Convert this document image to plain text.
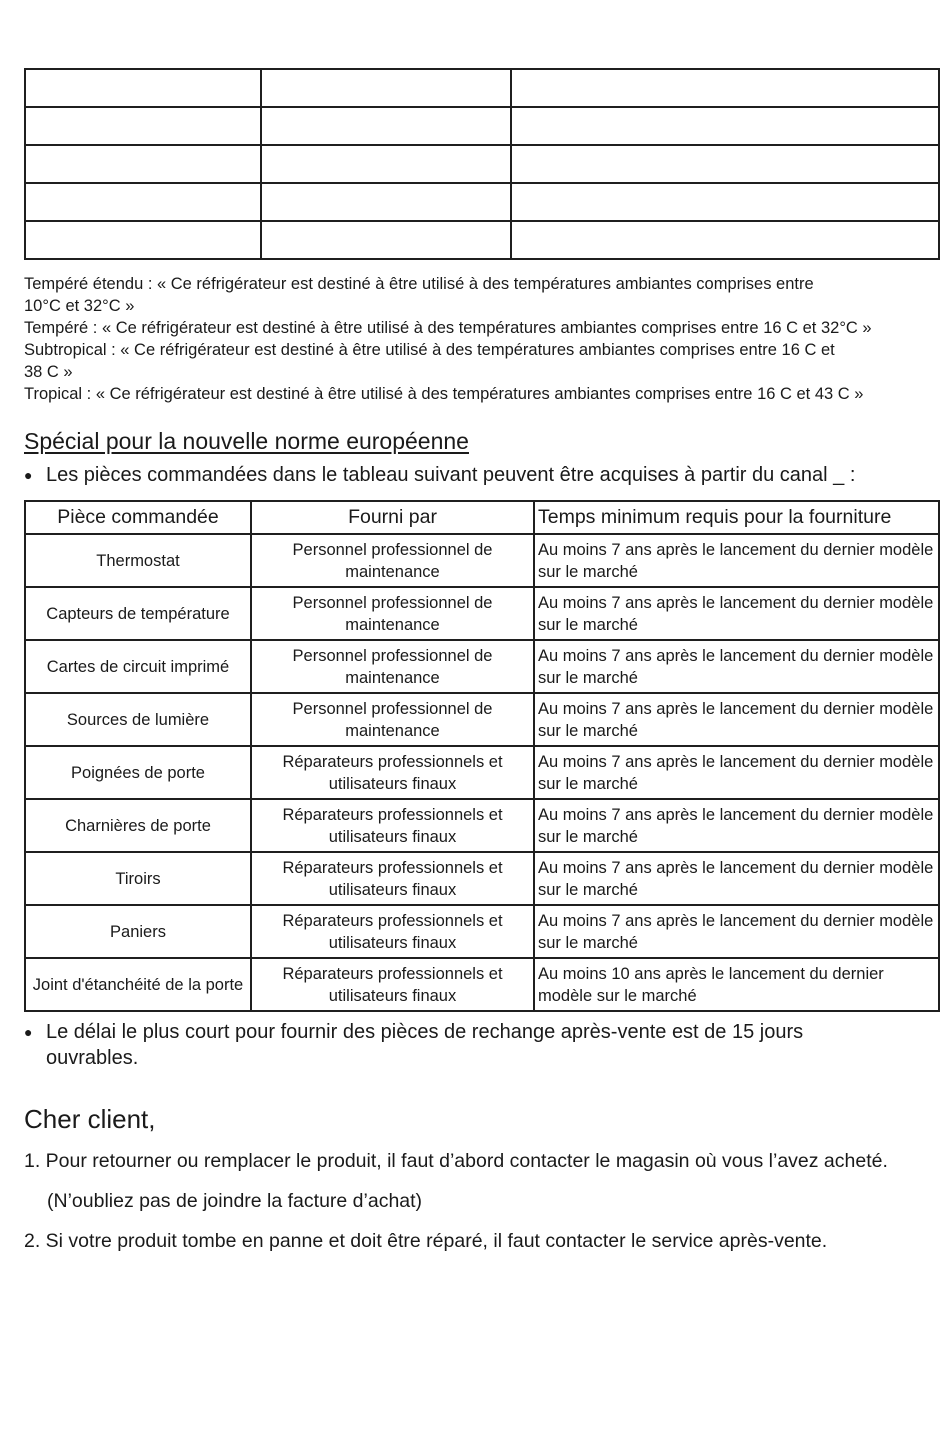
Tempéré étendu : « Ce réfrigérateur est destiné à être utilisé à des températures ambiantes comprises entre
10°C et 32°C »

Tempéré : « Ce réfrigérateur est destiné à être utilisé à des températures ambiantes comprises entre 16 C et 32°C »

Subtropical : « Ce réfrigérateur est destiné à être utilisé à des températures ambiantes comprises entre 16 C et
38 C »

Tropical : « Ce réfrigérateur est destiné à être utilisé à des températures ambiantes comprises entre 16 C et 43 C »

Spécial pour la nouvelle norme européenne
● Les pièces commandées dans le tableau suivant peuvent être acquises à partir du canal _ :
Pièce commandée	Fourni par	Temps minimum requis pour la fourniture
Thermostat	Personnel professionnel de maintenance	Au moins 7 ans après le lancement du dernier modèle sur le marché
Capteurs de température	Personnel professionnel de maintenance	Au moins 7 ans après le lancement du dernier modèle sur le marché
Cartes de circuit imprimé	Personnel professionnel de maintenance	Au moins 7 ans après le lancement du dernier modèle sur le marché
Sources de lumière	Personnel professionnel de maintenance	Au moins 7 ans après le lancement du dernier modèle sur le marché
Poignées de porte	Réparateurs professionnels et utilisateurs finaux	Au moins 7 ans après le lancement du dernier modèle sur le marché
Charnières de porte	Réparateurs professionnels et utilisateurs finaux	Au moins 7 ans après le lancement du dernier modèle sur le marché
Tiroirs	Réparateurs professionnels et utilisateurs finaux	Au moins 7 ans après le lancement du dernier modèle sur le marché
Paniers	Réparateurs professionnels et utilisateurs finaux	Au moins 7 ans après le lancement du dernier modèle sur le marché
Joint d'étanchéité de la porte	Réparateurs professionnels et utilisateurs finaux	Au moins 10 ans après le lancement du dernier modèle sur le marché
● Le délai le plus court pour fournir des pièces de rechange après-vente est de 15 jours ouvrables.
Cher client,

1. Pour retourner ou remplacer le produit, il faut d’abord contacter le magasin où vous l’avez acheté.

(N’oubliez pas de joindre la facture d’achat)

2. Si votre produit tombe en panne et doit être réparé, il faut contacter le service après-vente.
